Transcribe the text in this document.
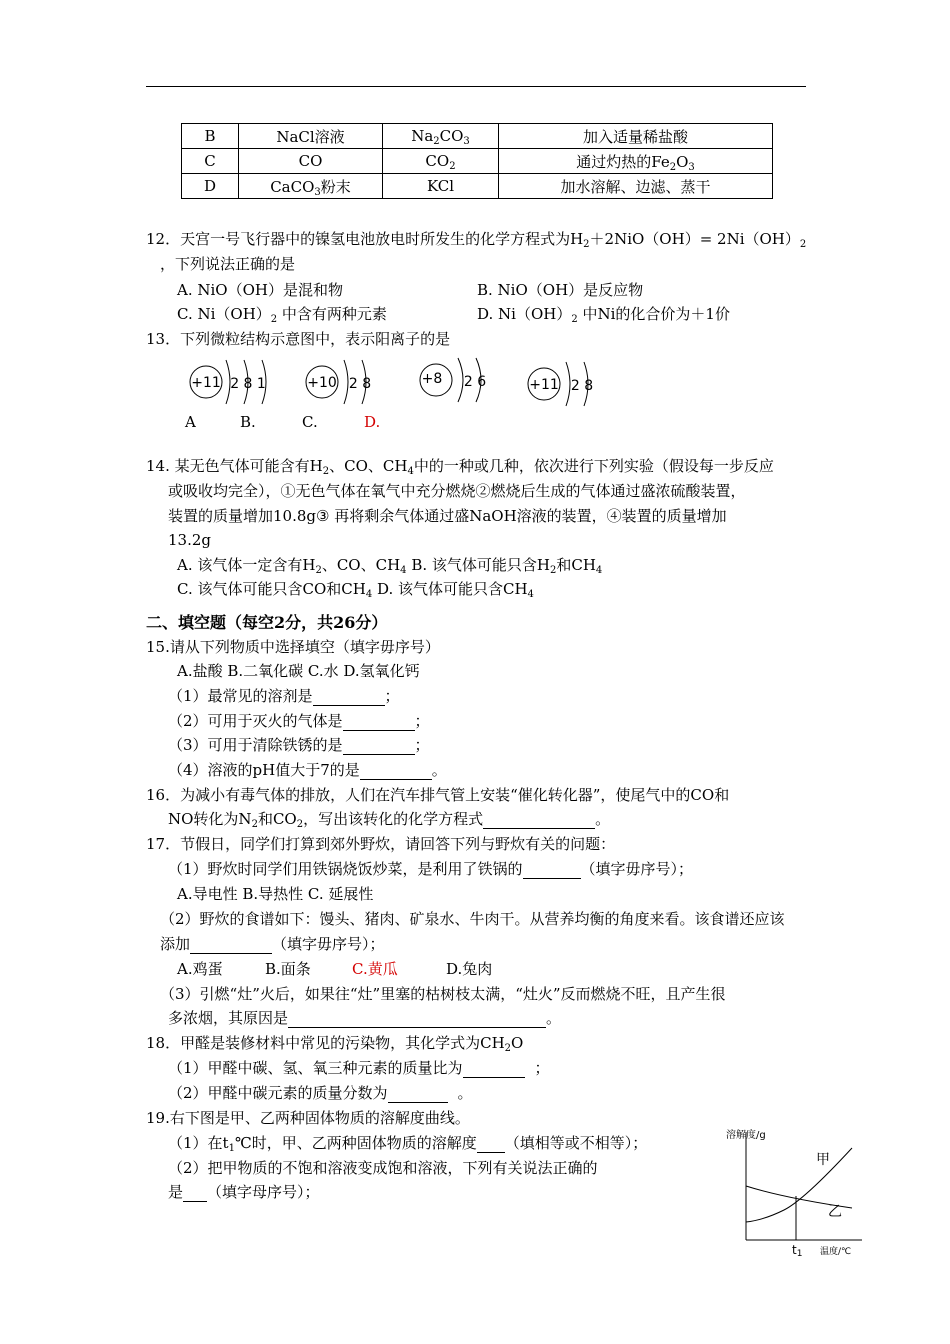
B	NaCl溶液	$Na_2CO_3$	加入适量稀盐酸
C	CO	$CO_2$	通过灼热的$Fe_2O_3$
D	CaCO$_3$粉末	KCl	加水溶解、边滤、蒸干
12．天宫一号飞行器中的镍氢电池放电时所发生的化学方程式为$H_2+2NiO(OH)= 2Ni(OH)_2$
，下列说法正确的是
A. NiO（OH）是混和物	B. NiO（OH）是反应物
C. $Ni(OH)_2$ 中含有两种元素	D. $Ni(OH)_2$ 中Ni的化合价为＋1价
13．下列微粒结构示意图中，表示阳离子的是
+11 2 8 1	+10 2 8	+8 2 6	+11 2 8
A	B.	C.	D.
14. 某无色气体可能含有$H_2$、CO、$CH_4$中的一种或几种，依次进行下列实验（假设每一步反应
或吸收均完全），①无色气体在氧气中充分燃烧②燃烧后生成的气体通过盛浓硫酸装置，
装置的质量增加10.8g③ 再将剩余气体通过盛NaOH溶液的装置，④装置的质量增加
13.2g
A. 该气体一定含有$H_2$、CO、$CH_4$ B. 该气体可能只含$H_2$和$CH_4$
C. 该气体可能只含CO和$CH_4$ D. 该气体可能只含$CH_4$
二、填空题（每空2分，共26分）
15.请从下列物质中选择填空（填字毋序号）
A.盐酸 B.二氧化碳 C.水 D.氢氧化钙
（1）最常见的溶剂是	；
（2）可用于灭火的气体是	；
（3）可用于清除铁锈的是	；
（4）溶液的pH值大于7的是	。
16．为减小有毒气体的排放，人们在汽车排气管上安装“催化转化器”，使尾气中的CO和
NO转化为$N_2$和$CO_2$，写出该转化的化学方程式	。
17．节假日，同学们打算到郊外野炊，请回答下列与野炊有关的问题：
（1）野炊时同学们用铁锅烧饭炒菜，是利用了铁锅的	（填字毋序号）；
A.导电性 B.导热性 C. 延展性
（2）野炊的食谱如下：馒头、猪肉、矿泉水、牛肉干。从营养均衡的角度来看。该食谱还应该
添加	（填字毋序号）；
A.鸡蛋	B.面条	C.黄瓜	D.兔肉
（3）引燃“灶”火后，如果往“灶”里塞的枯树枝太满，“灶火”反而燃烧不旺，且产生很
多浓烟，其原因是	。
18．甲醛是装修材料中常见的污染物，其化学式为$CH_2O$
（1）甲醛中碳、氢、氧三种元素的质量比为	；
（2）甲醛中碳元素的质量分数为	。
19.右下图是甲、乙两种固体物质的溶解度曲线。
（1）在$t_1℃$时，甲、乙两种固体物质的溶解度 （填相等或不相等）；
（2）把甲物质的不饱和溶液变成饱和溶液，下列有关说法正确的
是 （填字母序号）；
溶解度/g
甲
乙
t1 温度/℃
